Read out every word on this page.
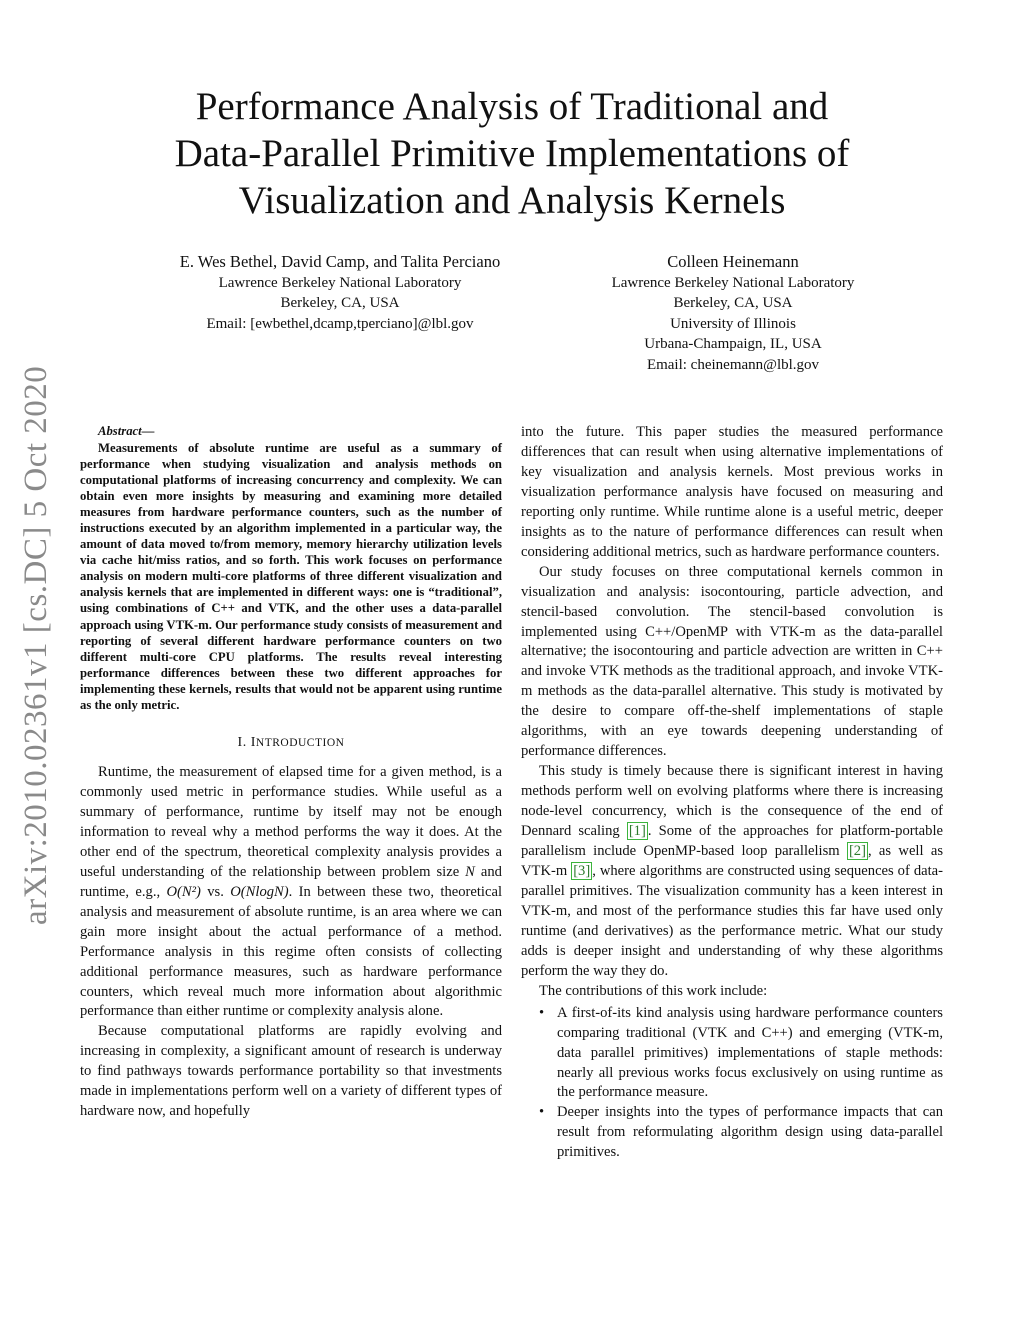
arXiv:2010.02361v1 [cs.DC] 5 Oct 2020
Performance Analysis of Traditional and
Data-Parallel Primitive Implementations of
Visualization and Analysis Kernels
E. Wes Bethel, David Camp, and Talita Perciano
Lawrence Berkeley National Laboratory
Berkeley, CA, USA
Email: [ewbethel,dcamp,tperciano]@lbl.gov
Colleen Heinemann
Lawrence Berkeley National Laboratory
Berkeley, CA, USA
University of Illinois
Urbana-Champaign, IL, USA
Email: cheinemann@lbl.gov
Abstract—

Measurements of absolute runtime are useful as a summary of performance when studying visualization and analysis methods on computational platforms of increasing concurrency and complexity. We can obtain even more insights by measuring and examining more detailed measures from hardware performance counters, such as the number of instructions executed by an algorithm implemented in a particular way, the amount of data moved to/from memory, memory hierarchy utilization levels via cache hit/miss ratios, and so forth. This work focuses on performance analysis on modern multi-core platforms of three different visualization and analysis kernels that are implemented in different ways: one is “traditional”, using combinations of C++ and VTK, and the other uses a data-parallel approach using VTK-m. Our performance study consists of measurement and reporting of several different hardware performance counters on two different multi-core CPU platforms. The results reveal interesting performance differences between these two different approaches for implementing these kernels, results that would not be apparent using runtime as the only metric.

I. INTRODUCTION

Runtime, the measurement of elapsed time for a given method, is a commonly used metric in performance studies. While useful as a summary of performance, runtime by itself may not be enough information to reveal why a method performs the way it does. At the other end of the spectrum, theoretical complexity analysis provides a useful understanding of the relationship between problem size N and runtime, e.g., O(N²) vs. O(NlogN). In between these two, theoretical analysis and measurement of absolute runtime, is an area where we can gain more insight about the actual performance of a method. Performance analysis in this regime often consists of collecting additional performance measures, such as hardware performance counters, which reveal much more information about algorithmic performance than either runtime or complexity analysis alone.

Because computational platforms are rapidly evolving and increasing in complexity, a significant amount of research is underway to find pathways towards performance portability so that investments made in implementations perform well on a variety of different types of hardware now, and hopefully

into the future. This paper studies the measured performance differences that can result when using alternative implementations of key visualization and analysis kernels. Most previous works in visualization performance analysis have focused on measuring and reporting only runtime. While runtime alone is a useful metric, deeper insights as to the nature of performance differences can result when considering additional metrics, such as hardware performance counters.

Our study focuses on three computational kernels common in visualization and analysis: isocontouring, particle advection, and stencil-based convolution. The stencil-based convolution is implemented using C++/OpenMP with VTK-m as the data-parallel alternative; the isocontouring and particle advection are written in C++ and invoke VTK methods as the traditional approach, and invoke VTK-m methods as the data-parallel alternative. This study is motivated by the desire to compare off-the-shelf implementations of staple algorithms, with an eye towards deepening understanding of performance differences.

This study is timely because there is significant interest in having methods perform well on evolving platforms where there is increasing node-level concurrency, which is the consequence of the end of Dennard scaling [1] . Some of the approaches for platform-portable parallelism include OpenMP-based loop parallelism [2] , as well as VTK-m [3] , where algorithms are constructed using sequences of data-parallel primitives. The visualization community has a keen interest in VTK-m, and most of the performance studies this far have used only runtime (and derivatives) as the performance metric. What our study adds is deeper insight and understanding of why these algorithms perform the way they do.

The contributions of this work include:

• A first-of-its kind analysis using hardware performance counters comparing traditional (VTK and C++) and emerging (VTK-m, data parallel primitives) implementations of staple methods: nearly all previous works focus exclusively on using runtime as the performance measure.
• Deeper insights into the types of performance impacts that can result from reformulating algorithm design using data-parallel primitives.
